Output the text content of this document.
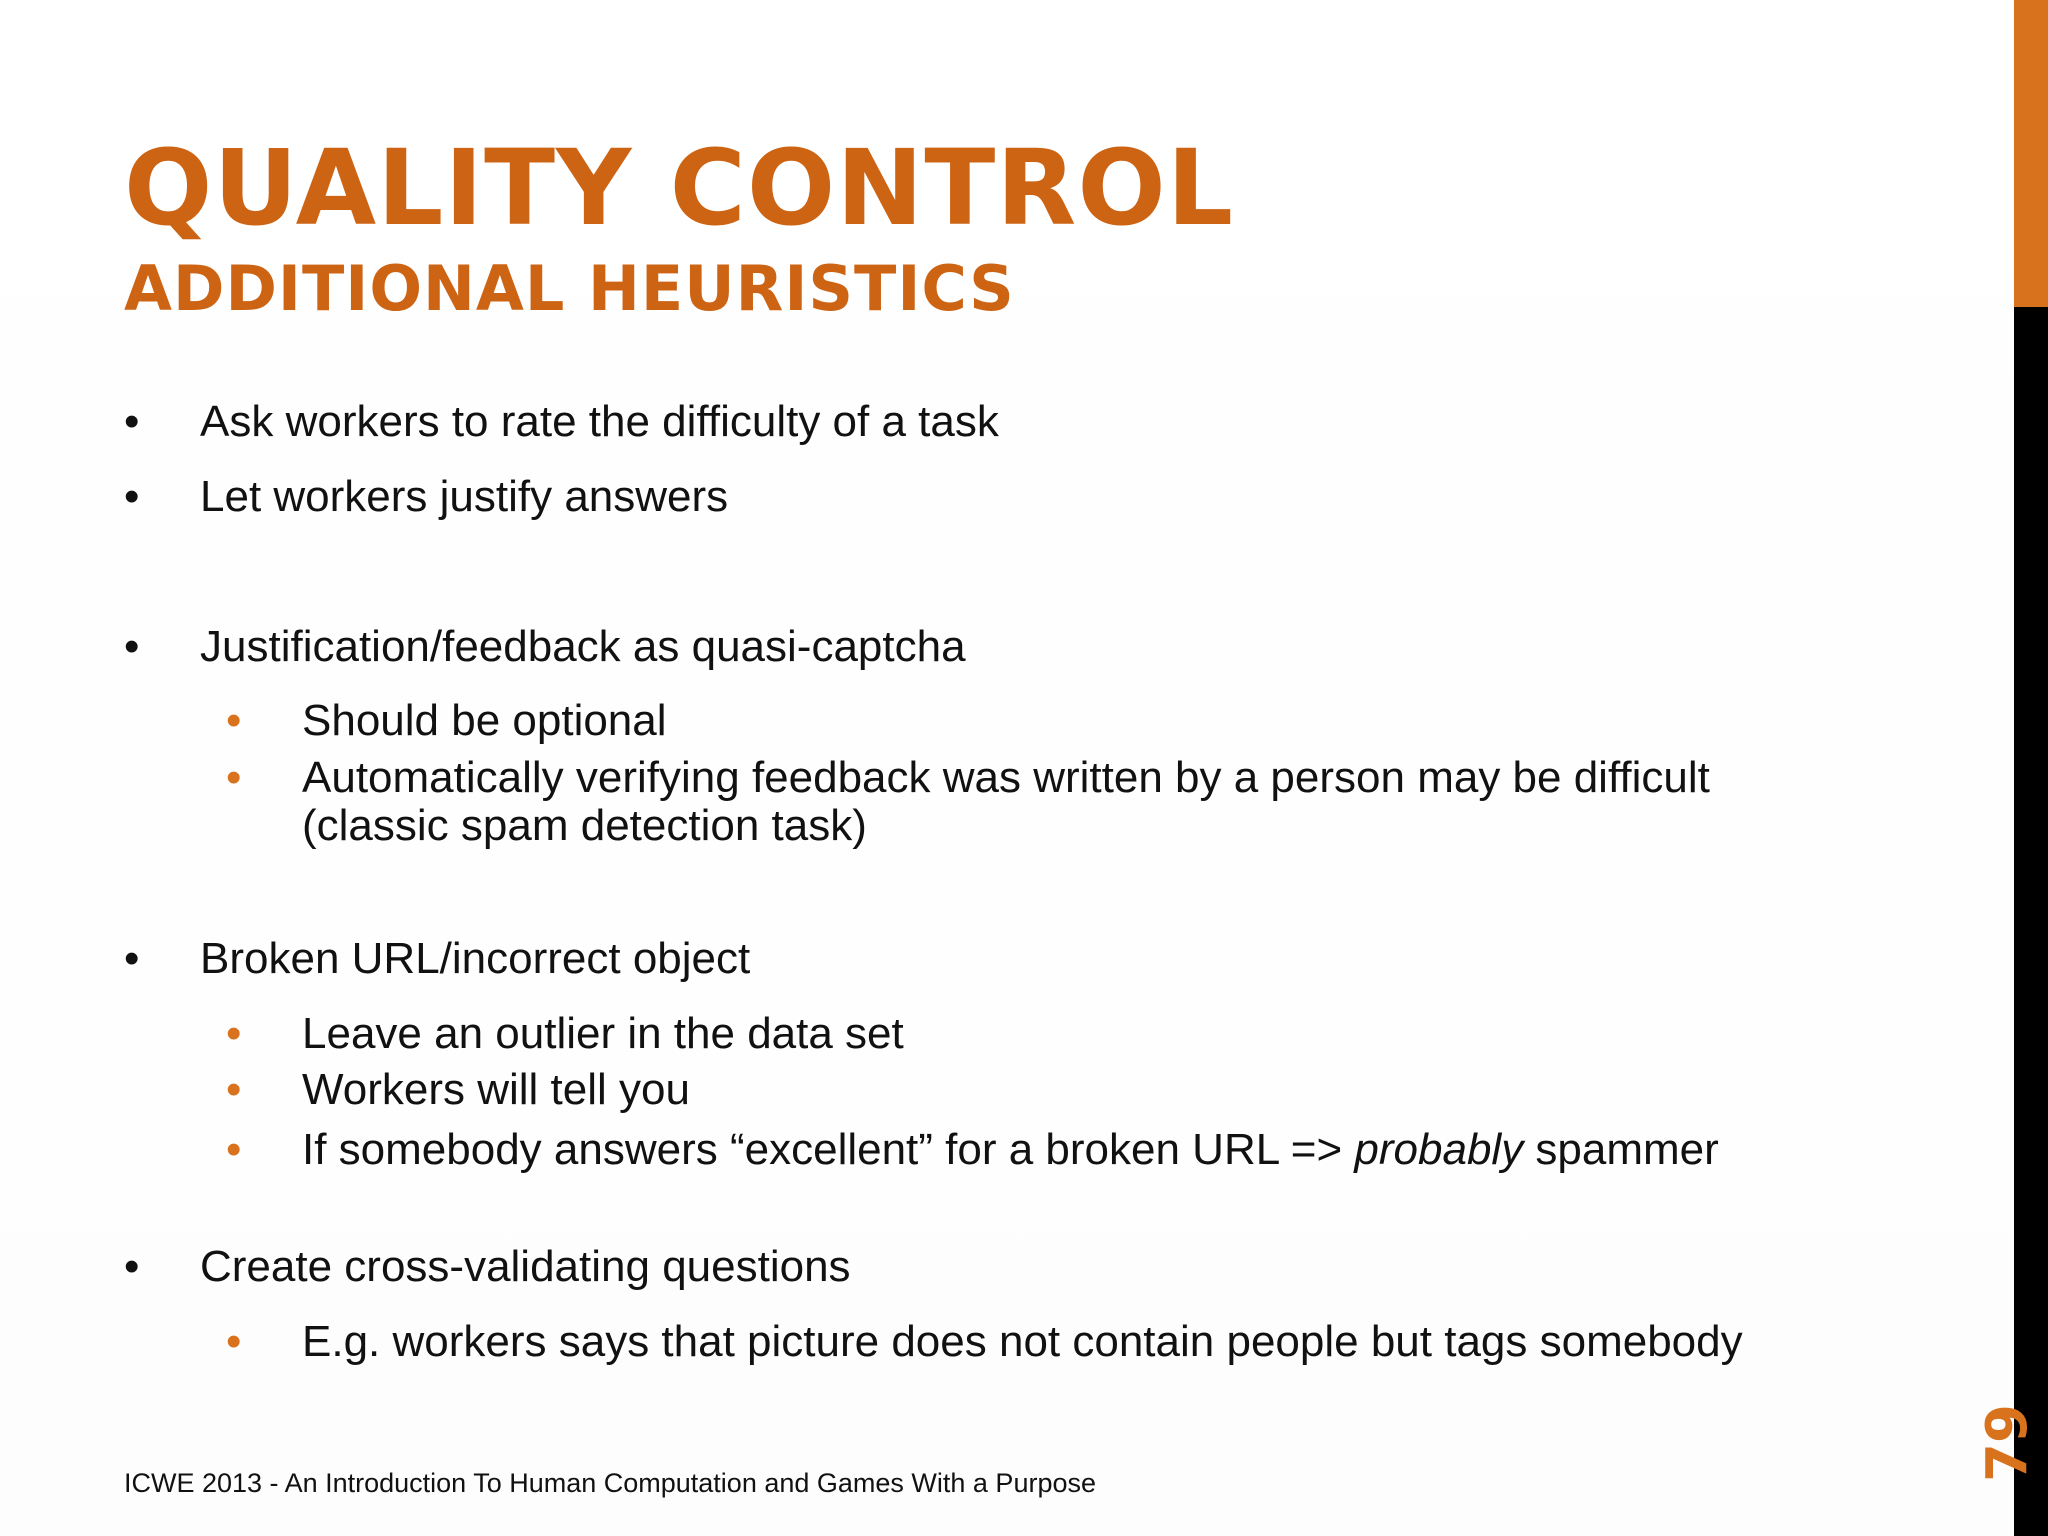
QUALITY CONTROL
ADDITIONAL HEURISTICS
• Ask workers to rate the difficulty of a task
• Let workers justify answers
• Justification/feedback as quasi-captcha
• Should be optional
• Automatically verifying feedback was written by a person may be difficult
(classic spam detection task)
• Broken URL/incorrect object
• Leave an outlier in the data set
• Workers will tell you
• If somebody answers “excellent” for a broken URL => probably spammer
• Create cross-validating questions
• E.g. workers says that picture does not contain people but tags somebody
ICWE 2013 - An Introduction To Human Computation and Games With a Purpose
79
